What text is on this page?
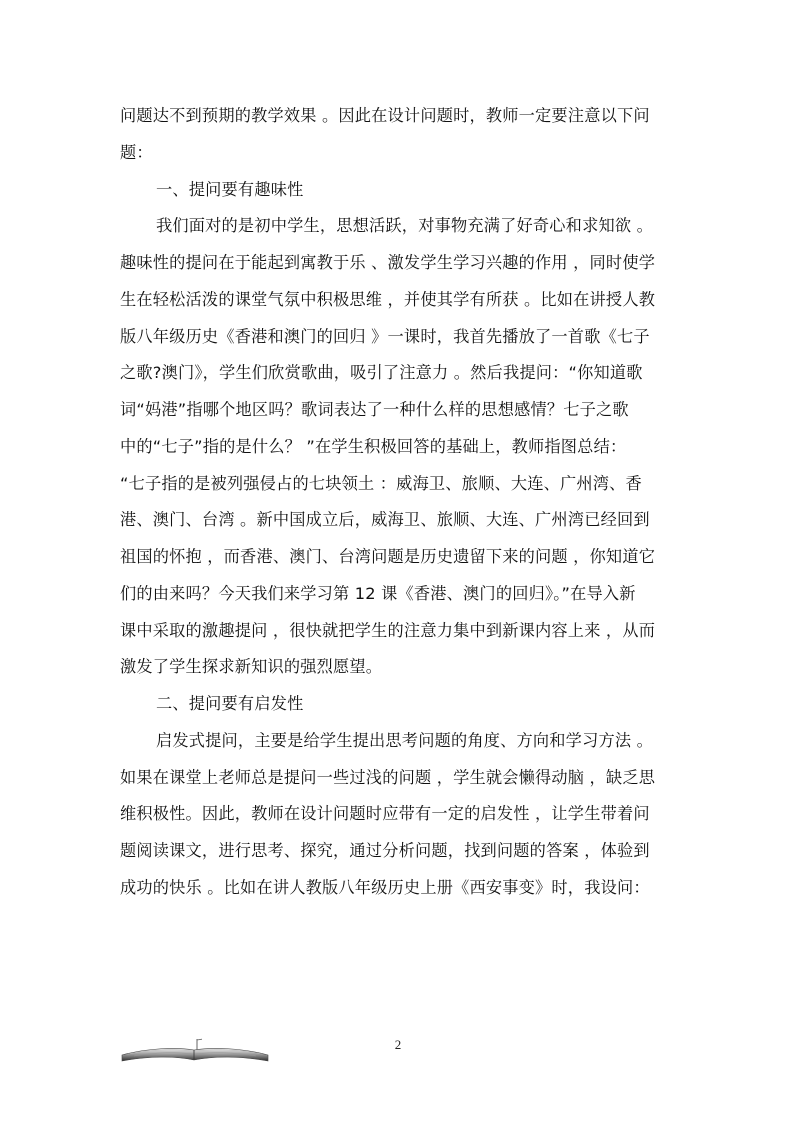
问题达不到预期的教学效果 。因此在设计问题时，教师一定要注意以下问
题：
一、提问要有趣味性
我们面对的是初中学生，思想活跃，对事物充满了好奇心和求知欲 。
趣味性的提问在于能起到寓教于乐 、激发学生学习兴趣的作用 ，同时使学
生在轻松活泼的课堂气氛中积极思维 ，并使其学有所获 。比如在讲授人教
版八年级历史《香港和澳门的回归 》一课时，我首先播放了一首歌《七子
之歌?澳门》，学生们欣赏歌曲，吸引了注意力 。然后我提问：“你知道歌
词“妈港”指哪个地区吗？歌词表达了一种什么样的思想感情？七子之歌
中的“七子”指的是什么？ ”在学生积极回答的基础上，教师指图总结：
“七子指的是被列强侵占的七块领土 ：威海卫、旅顺、大连、广州湾、香
港、澳门、台湾 。新中国成立后，威海卫、旅顺、大连、广州湾已经回到
祖国的怀抱 ，而香港、澳门、台湾问题是历史遗留下来的问题 ，你知道它
们的由来吗？今天我们来学习第 12 课《香港、澳门的回归》。”在导入新
课中采取的激趣提问 ，很快就把学生的注意力集中到新课内容上来 ，从而
激发了学生探求新知识的强烈愿望。
二、提问要有启发性
启发式提问，主要是给学生提出思考问题的角度、方向和学习方法 。
如果在课堂上老师总是提问一些过浅的问题 ，学生就会懒得动脑 ，缺乏思
维积极性。因此，教师在设计问题时应带有一定的启发性 ，让学生带着问
题阅读课文，进行思考、探究，通过分析问题，找到问题的答案 ，体验到
成功的快乐 。比如在讲人教版八年级历史上册《西安事变》时，我设问：
2
